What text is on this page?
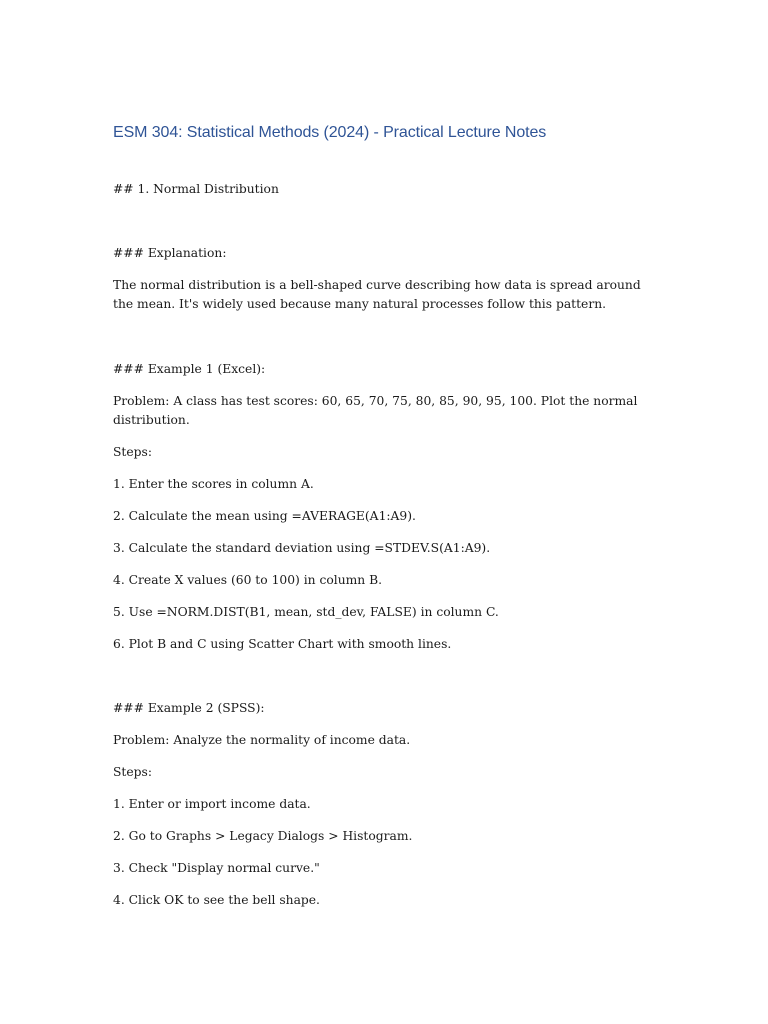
ESM 304: Statistical Methods (2024) - Practical Lecture Notes
## 1. Normal Distribution
### Explanation:
The normal distribution is a bell-shaped curve describing how data is spread around the mean. It's widely used because many natural processes follow this pattern.
### Example 1 (Excel):
Problem: A class has test scores: 60, 65, 70, 75, 80, 85, 90, 95, 100. Plot the normal distribution.
Steps:
1. Enter the scores in column A.
2. Calculate the mean using =AVERAGE(A1:A9).
3. Calculate the standard deviation using =STDEV.S(A1:A9).
4. Create X values (60 to 100) in column B.
5. Use =NORM.DIST(B1, mean, std_dev, FALSE) in column C.
6. Plot B and C using Scatter Chart with smooth lines.
### Example 2 (SPSS):
Problem: Analyze the normality of income data.
Steps:
1. Enter or import income data.
2. Go to Graphs > Legacy Dialogs > Histogram.
3. Check "Display normal curve."
4. Click OK to see the bell shape.
